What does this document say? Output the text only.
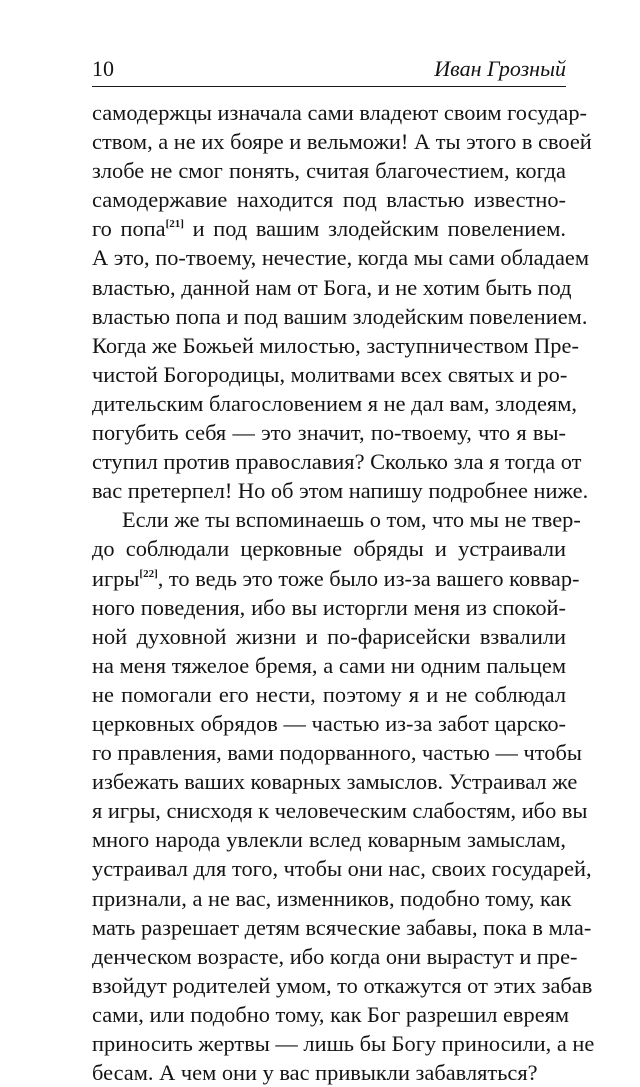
10	Иван Грозный
самодержцы изначала сами владеют своим государ-
ством, а не их бояре и вельможи! А ты этого в своей
злобе не смог понять, считая благочестием, когда
самодержавие находится под властью известно-
го попа[21] и под вашим злодейским повелением.
А это, по-твоему, нечестие, когда мы сами обладаем
властью, данной нам от Бога, и не хотим быть под
властью попа и под вашим злодейским повелением.
Когда же Божьей милостью, заступничеством Пре-
чистой Богородицы, молитвами всех святых и ро-
дительским благословением я не дал вам, злодеям,
погубить себя — это значит, по-твоему, что я вы-
ступил против православия? Сколько зла я тогда от
вас претерпел! Но об этом напишу подробнее ниже.
Если же ты вспоминаешь о том, что мы не твер-
до соблюдали церковные обряды и устраивали
игры[22], то ведь это тоже было из-за вашего коввар-
ного поведения, ибо вы исторгли меня из спокой-
ной духовной жизни и по-фарисейски взвалили
на меня тяжелое бремя, а сами ни одним пальцем
не помогали его нести, поэтому я и не соблюдал
церковных обрядов — частью из-за забот царско-
го правления, вами подорванного, частью — чтобы
избежать ваших коварных замыслов. Устраивал же
я игры, снисходя к человеческим слабостям, ибо вы
много народа увлекли вслед коварным замыслам,
устраивал для того, чтобы они нас, своих государей,
признали, а не вас, изменников, подобно тому, как
мать разрешает детям всяческие забавы, пока в мла-
денческом возрасте, ибо когда они вырастут и пре-
взойдут родителей умом, то откажутся от этих забав
сами, или подобно тому, как Бог разрешил евреям
приносить жертвы — лишь бы Богу приносили, а не
бесам. А чем они у вас привыкли забавляться?
